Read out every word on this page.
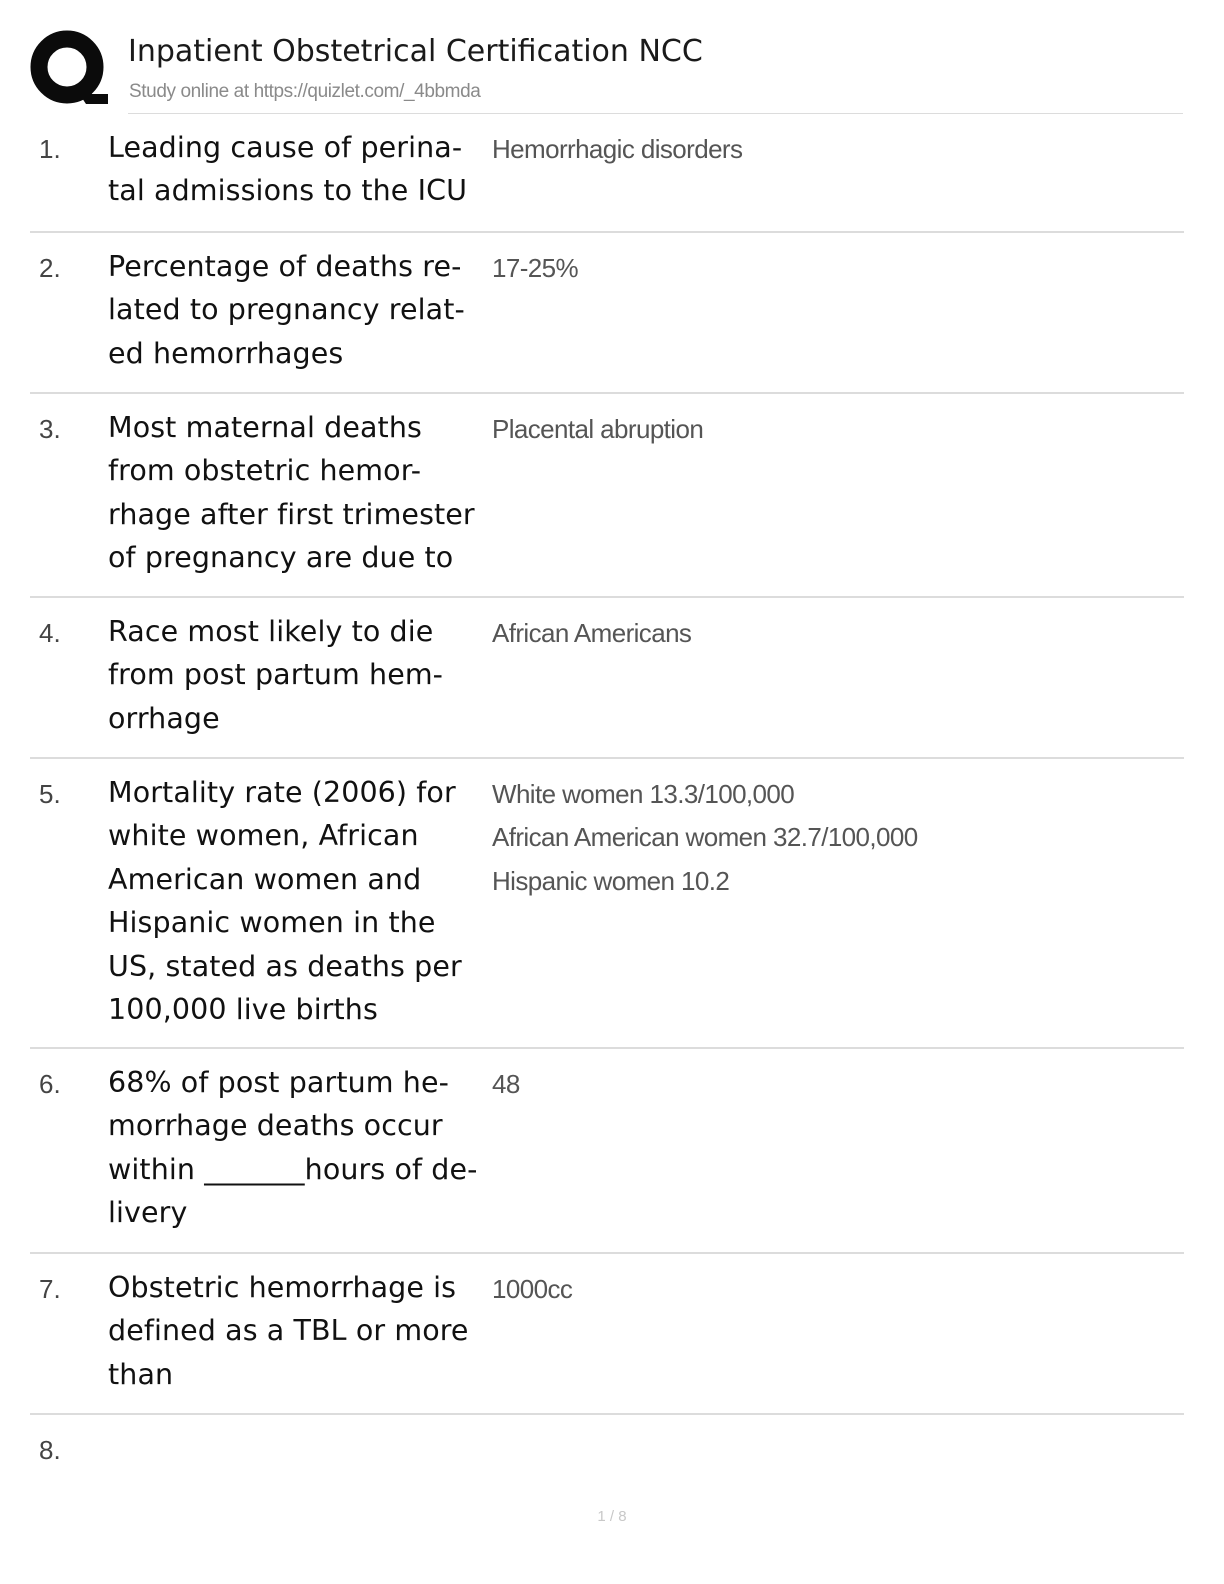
Inpatient Obstetrical Certification NCC
Study online at https://quizlet.com/_4bbmda
1. Leading cause of perina-
tal admissions to the ICU
Hemorrhagic disorders
2. Percentage of deaths re-
lated to pregnancy relat-
ed hemorrhages
17-25%
3. Most maternal deaths
from obstetric hemor-
rhage after first trimester
of pregnancy are due to
Placental abruption
4. Race most likely to die
from post partum hem-
orrhage
African Americans
5. Mortality rate (2006) for
white women, African
American women and
Hispanic women in the
US, stated as deaths per
100,000 live births
White women 13.3/100,000
African American women 32.7/100,000
Hispanic women 10.2
6. 68% of post partum he-
morrhage deaths occur
within _______hours of de-
livery
48
7. Obstetric hemorrhage is
defined as a TBL or more
than
1000cc
8.
1 / 8
